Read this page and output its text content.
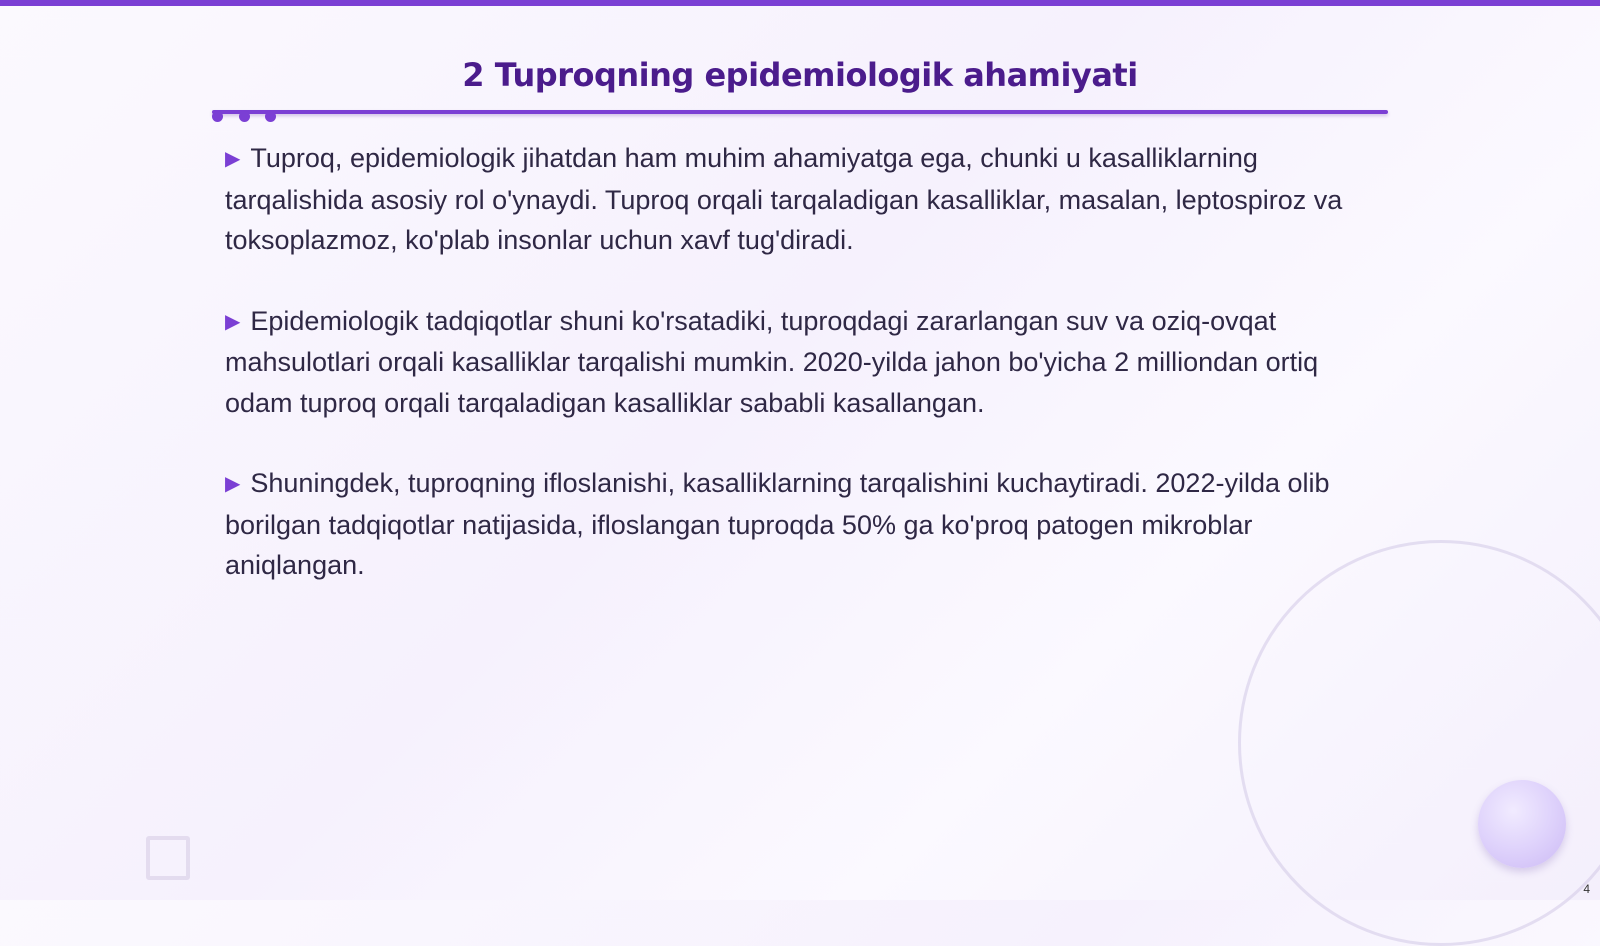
2 Tuproqning epidemiologik ahamiyati

▶ Tuproq, epidemiologik jihatdan ham muhim ahamiyatga ega, chunki u kasalliklarning tarqalishida asosiy rol o'ynaydi. Tuproq orqali tarqaladigan kasalliklar, masalan, leptospiroz va toksoplazmoz, ko'plab insonlar uchun xavf tug'diradi.

▶ Epidemiologik tadqiqotlar shuni ko'rsatadiki, tuproqdagi zararlangan suv va oziq-ovqat mahsulotlari orqali kasalliklar tarqalishi mumkin. 2020-yilda jahon bo'yicha 2 milliondan ortiq odam tuproq orqali tarqaladigan kasalliklar sababli kasallangan.

▶ Shuningdek, tuproqning ifloslanishi, kasalliklarning tarqalishini kuchaytiradi. 2022-yilda olib borilgan tadqiqotlar natijasida, ifloslangan tuproqda 50% ga ko'proq patogen mikroblar aniqlangan.

4
